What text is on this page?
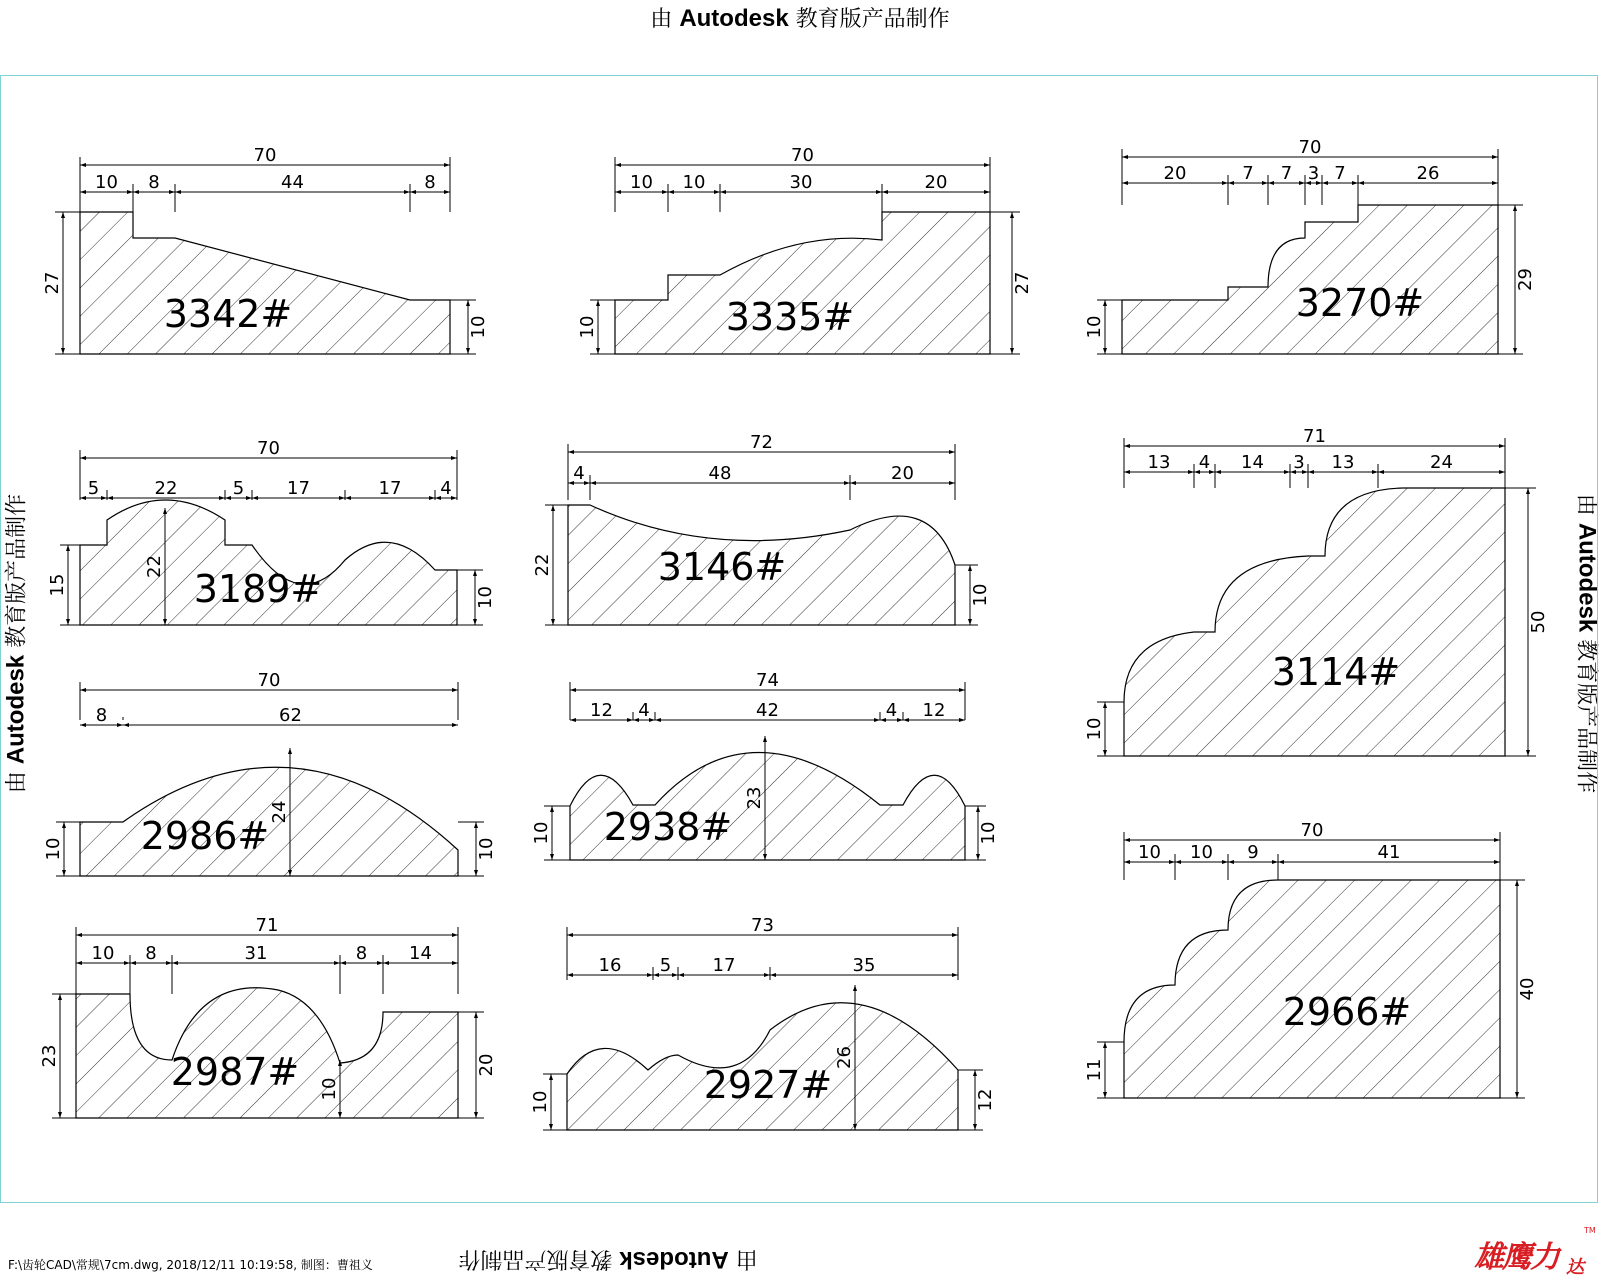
由 Autodesk 教育版产品制作
由 Autodesk 教育版产品制作	由 Autodesk 教育版产品制作
由 Autodesk 教育版产品制作
3342#
70
10 8	44	8
27
10	3335#
70
10 10	30	20
10
27	3270#
70
20	7 7 3 7	26
10
29
3189#
70
5	22	5 17	17 4
15
10
22	3146#
72
4	48	20
22
10
3114#
71
13 4 14 3 13	24
10
50
2986#
70
8	62
10	10
24	2938#
74
12 4	42	4 12
10	10
23
2966#
70
10 10 9	41
11
40
2987#
71
10 8	31	8 14
23	20
10	2927#
73
16 5 17	35
10	12
26
F:\齿轮CAD\常规\7cm.dwg, 2018/12/11 10:19:58, 制图：曹祖义	雄鹰力 达
TM
